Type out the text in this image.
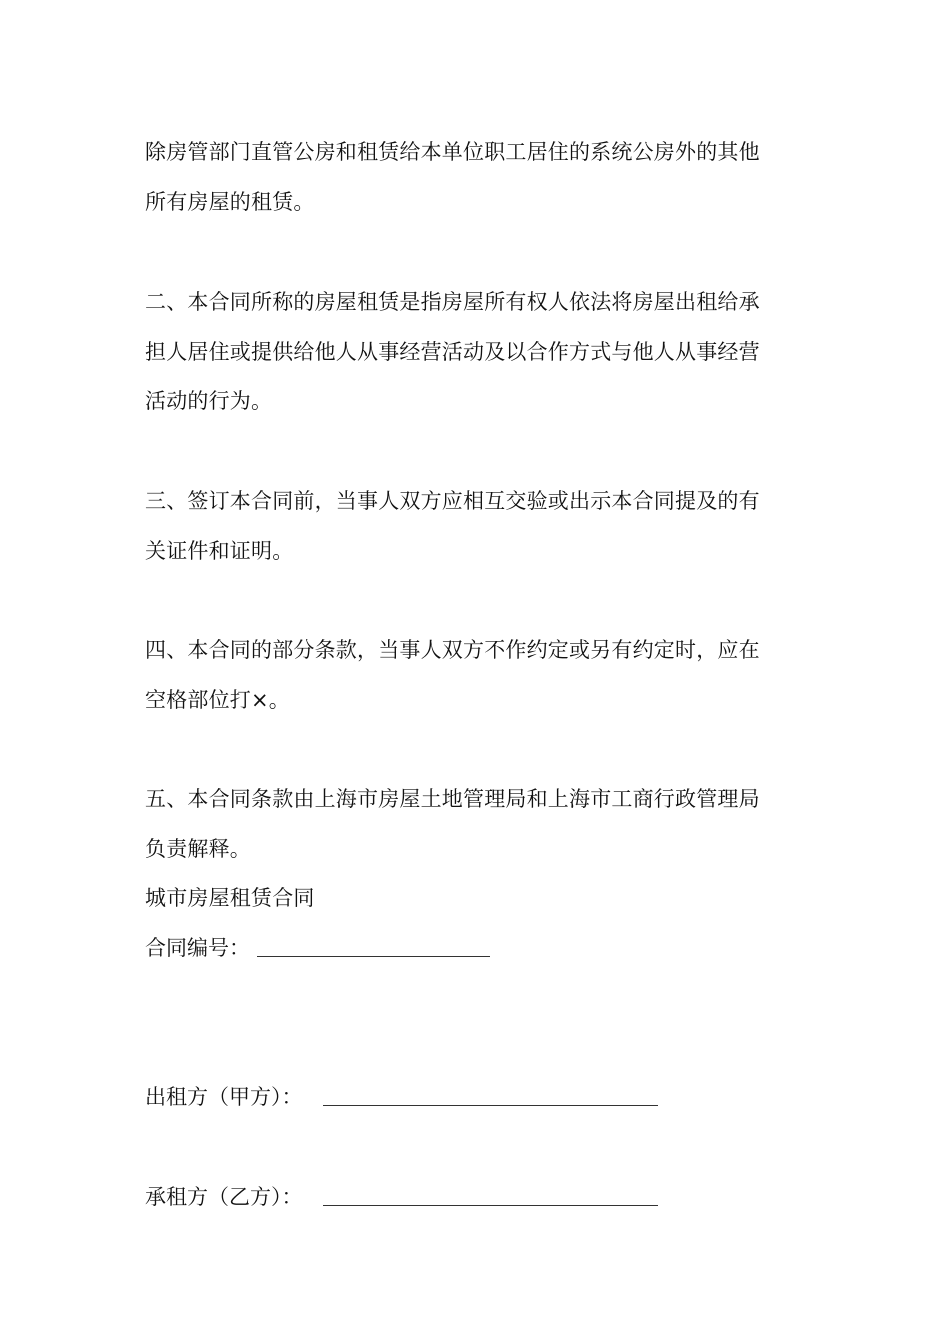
除房管部门直管公房和租赁给本单位职工居住的系统公房外的其他
所有房屋的租赁。
二、本合同所称的房屋租赁是指房屋所有权人依法将房屋出租给承
担人居住或提供给他人从事经营活动及以合作方式与他人从事经营
活动的行为。
三、签订本合同前，当事人双方应相互交验或出示本合同提及的有
关证件和证明。
四、本合同的部分条款，当事人双方不作约定或另有约定时，应在
空格部位打×。
五、本合同条款由上海市房屋土地管理局和上海市工商行政管理局
负责解释。
城市房屋租赁合同
合同编号：
出租方（甲方）：
承租方（乙方）：
